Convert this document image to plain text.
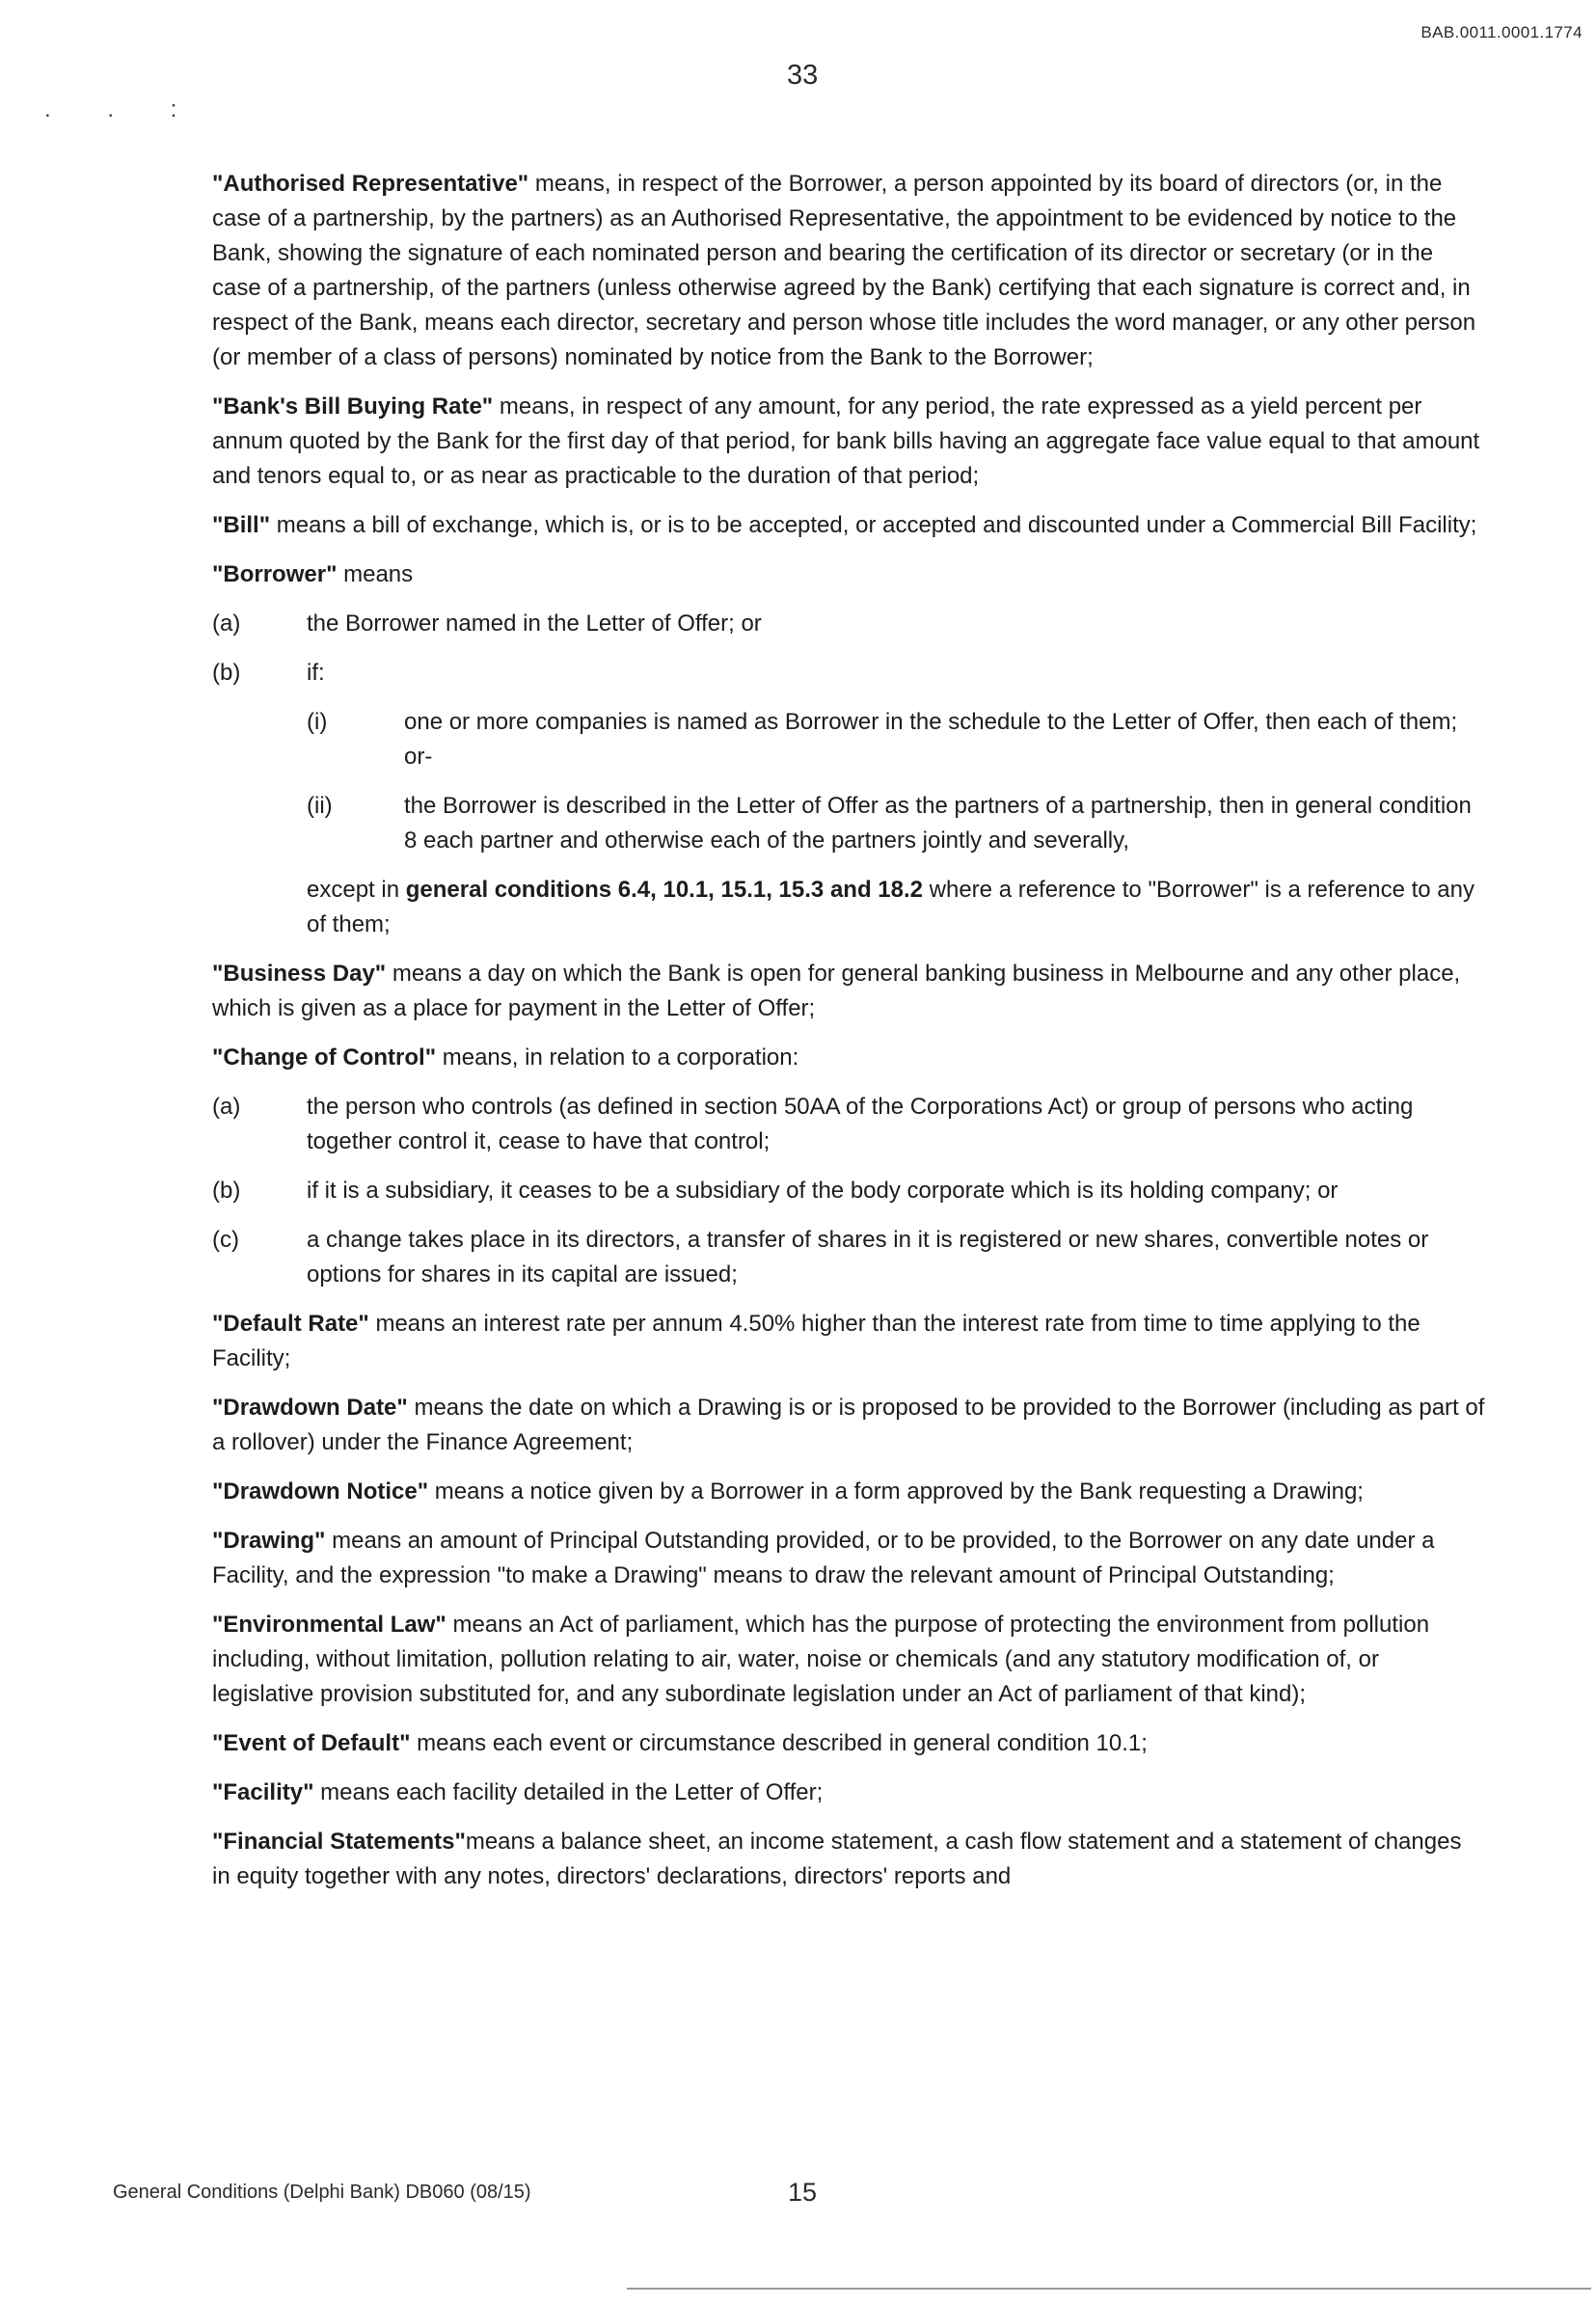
BAB.0011.0001.1774
33
. . :

"Authorised Representative" means, in respect of the Borrower, a person appointed by its board of directors (or, in the case of a partnership, by the partners) as an Authorised Representative, the appointment to be evidenced by notice to the Bank, showing the signature of each nominated person and bearing the certification of its director or secretary (or in the case of a partnership, of the partners (unless otherwise agreed by the Bank) certifying that each signature is correct and, in respect of the Bank, means each director, secretary and person whose title includes the word manager, or any other person (or member of a class of persons) nominated by notice from the Bank to the Borrower;

"Bank's Bill Buying Rate" means, in respect of any amount, for any period, the rate expressed as a yield percent per annum quoted by the Bank for the first day of that period, for bank bills having an aggregate face value equal to that amount and tenors equal to, or as near as practicable to the duration of that period;

"Bill" means a bill of exchange, which is, or is to be accepted, or accepted and discounted under a Commercial Bill Facility;

"Borrower" means

(a)	the Borrower named in the Letter of Offer; or
(b)	if:
(i)	one or more companies is named as Borrower in the schedule to the Letter of Offer, then each of them; or-
(ii)	the Borrower is described in the Letter of Offer as the partners of a partnership, then in general condition 8 each partner and otherwise each of the partners jointly and severally,
except in general conditions 6.4, 10.1, 15.1, 15.3 and 18.2 where a reference to "Borrower" is a reference to any of them;

"Business Day" means a day on which the Bank is open for general banking business in Melbourne and any other place, which is given as a place for payment in the Letter of Offer;

"Change of Control" means, in relation to a corporation:

(a)	the person who controls (as defined in section 50AA of the Corporations Act) or group of persons who acting together control it, cease to have that control;
(b)	if it is a subsidiary, it ceases to be a subsidiary of the body corporate which is its holding company; or
(c)	a change takes place in its directors, a transfer of shares in it is registered or new shares, convertible notes or options for shares in its capital are issued;

"Default Rate" means an interest rate per annum 4.50% higher than the interest rate from time to time applying to the Facility;

"Drawdown Date" means the date on which a Drawing is or is proposed to be provided to the Borrower (including as part of a rollover) under the Finance Agreement;

"Drawdown Notice" means a notice given by a Borrower in a form approved by the Bank requesting a Drawing;

"Drawing" means an amount of Principal Outstanding provided, or to be provided, to the Borrower on any date under a Facility, and the expression "to make a Drawing" means to draw the relevant amount of Principal Outstanding;

"Environmental Law" means an Act of parliament, which has the purpose of protecting the environment from pollution including, without limitation, pollution relating to air, water, noise or chemicals (and any statutory modification of, or legislative provision substituted for, and any subordinate legislation under an Act of parliament of that kind);

"Event of Default" means each event or circumstance described in general condition 10.1;

"Facility" means each facility detailed in the Letter of Offer;

"Financial Statements"means a balance sheet, an income statement, a cash flow statement and a statement of changes in equity together with any notes, directors' declarations, directors' reports and

General Conditions (Delphi Bank) DB060 (08/15)	15
